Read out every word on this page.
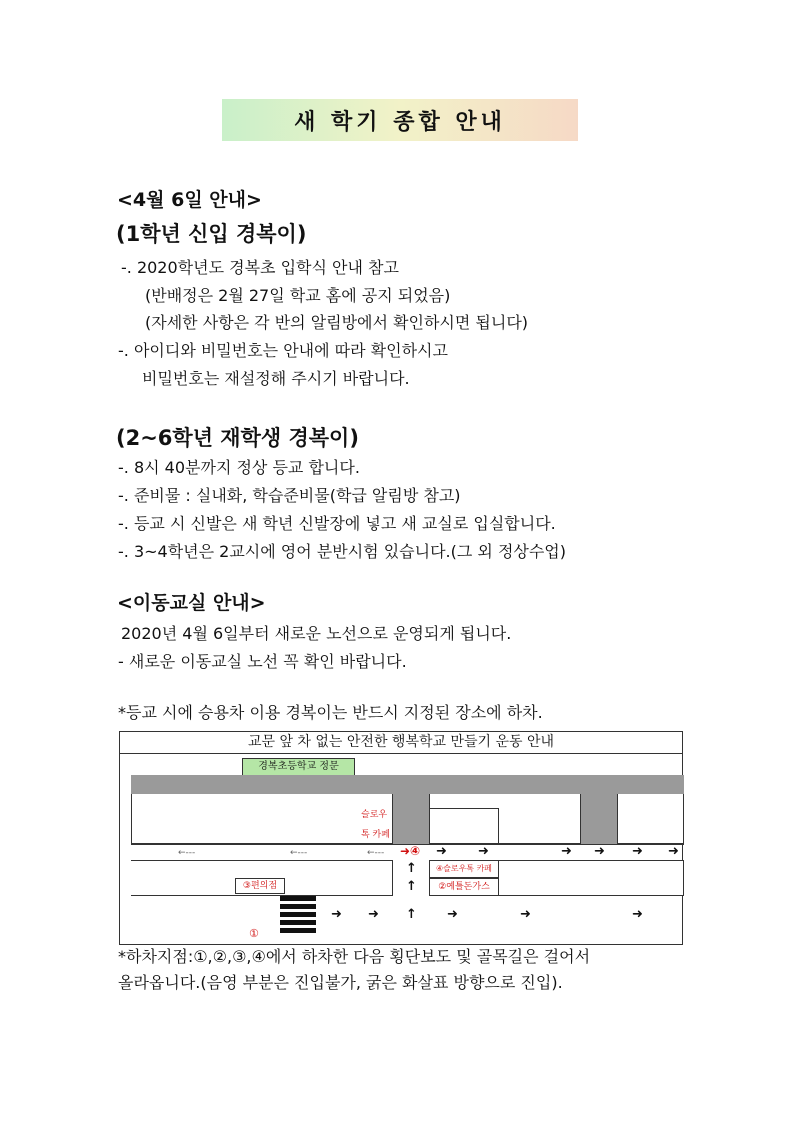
새 학기 종합 안내
<4월 6일 안내>
(1학년 신입 경복이)
-. 2020학년도 경복초 입학식 안내 참고
(반배정은 2월 27일 학교 홈에 공지 되었음)
(자세한 사항은 각 반의 알림방에서 확인하시면 됩니다)
-. 아이디와 비밀번호는 안내에 따라 확인하시고
비밀번호는 재설정해 주시기 바랍니다.
(2~6학년 재학생 경복이)
-. 8시 40분까지 정상 등교 합니다.
-. 준비물 : 실내화, 학습준비물(학급 알림방 참고)
-. 등교 시 신발은 새 학년 신발장에 넣고 새 교실로 입실합니다.
-. 3~4학년은 2교시에 영어 분반시험 있습니다.(그 외 정상수업)
<이동교실 안내>
2020년 4월 6일부터 새로운 노선으로 운영되게 됩니다.
- 새로운 이동교실 노선 꼭 확인 바랍니다.
*등교 시에 승용차 이용 경복이는 반드시 지정된 장소에 하차.
교문 앞 차 없는 안전한 행복학교 만들기 운동 안내
경복초등학교 정문
슬로우
톡 카페
←---	←---	←--- ➜④ ➜ ➜	➜ ➜ ➜ ➜
③편의점
④슬로우톡 카페
②예틀돈가스
↑
↑
➜ ➜ ↑ ➜	➜	➜
①
*하차지점:①,②,③,④에서 하차한 다음 횡단보도 및 골목길은 걸어서
올라옵니다.(음영 부분은 진입불가, 굵은 화살표 방향으로 진입).
